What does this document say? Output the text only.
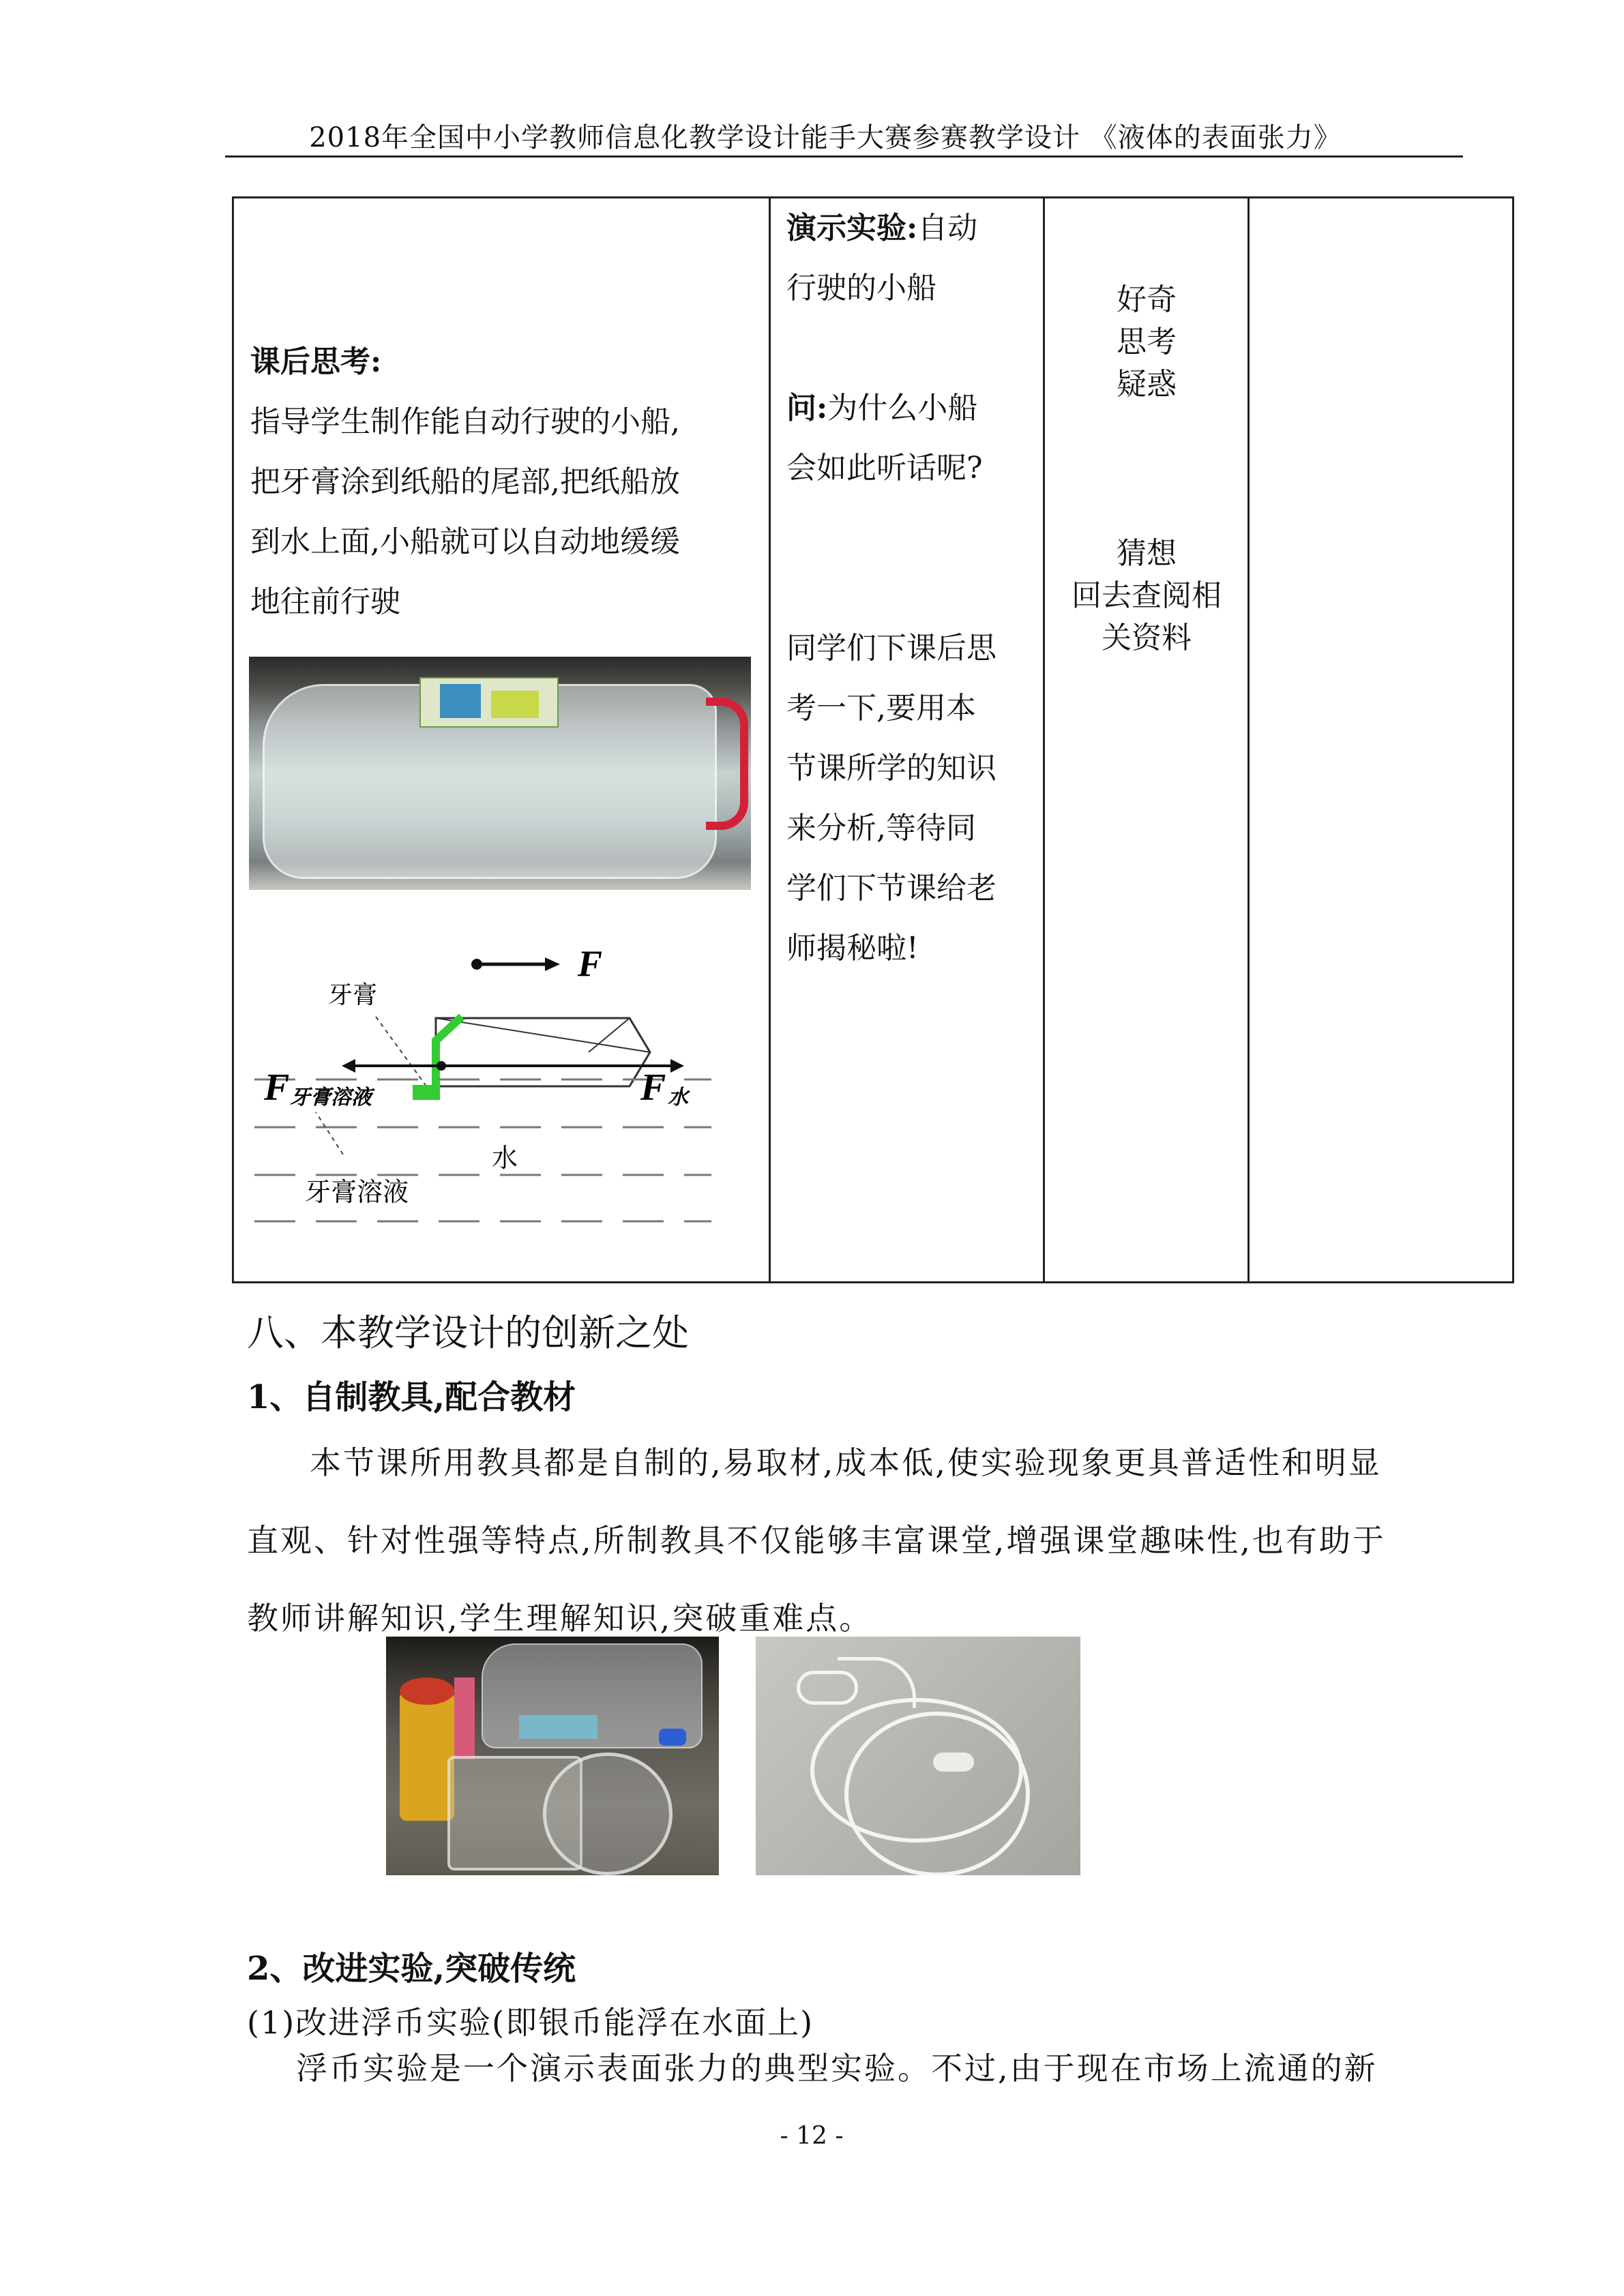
2018年全国中小学教师信息化教学设计能手大赛参赛教学设计 《液体的表面张力》
课后思考:
指导学生制作能自动行驶的小船,
把牙膏涂到纸船的尾部,把纸船放
到水上面,小船就可以自动地缓缓
地往前行驶
F
牙膏
F 牙膏溶液	F 水
水
牙膏溶液
演示实验:自动
行驶的小船
问:为什么小船
会如此听话呢?
同学们下课后思
考一下,要用本
节课所学的知识
来分析,等待同
学们下节课给老
师揭秘啦!
好奇
思考
疑惑
猜想
回去查阅相
关资料
八、本教学设计的创新之处
1、自制教具,配合教材
本节课所用教具都是自制的,易取材,成本低,使实验现象更具普适性和明显
直观、针对性强等特点,所制教具不仅能够丰富课堂,增强课堂趣味性,也有助于
教师讲解知识,学生理解知识,突破重难点。
2、改进实验,突破传统
(1)改进浮币实验(即银币能浮在水面上)
浮币实验是一个演示表面张力的典型实验。不过,由于现在市场上流通的新
- 12 -
